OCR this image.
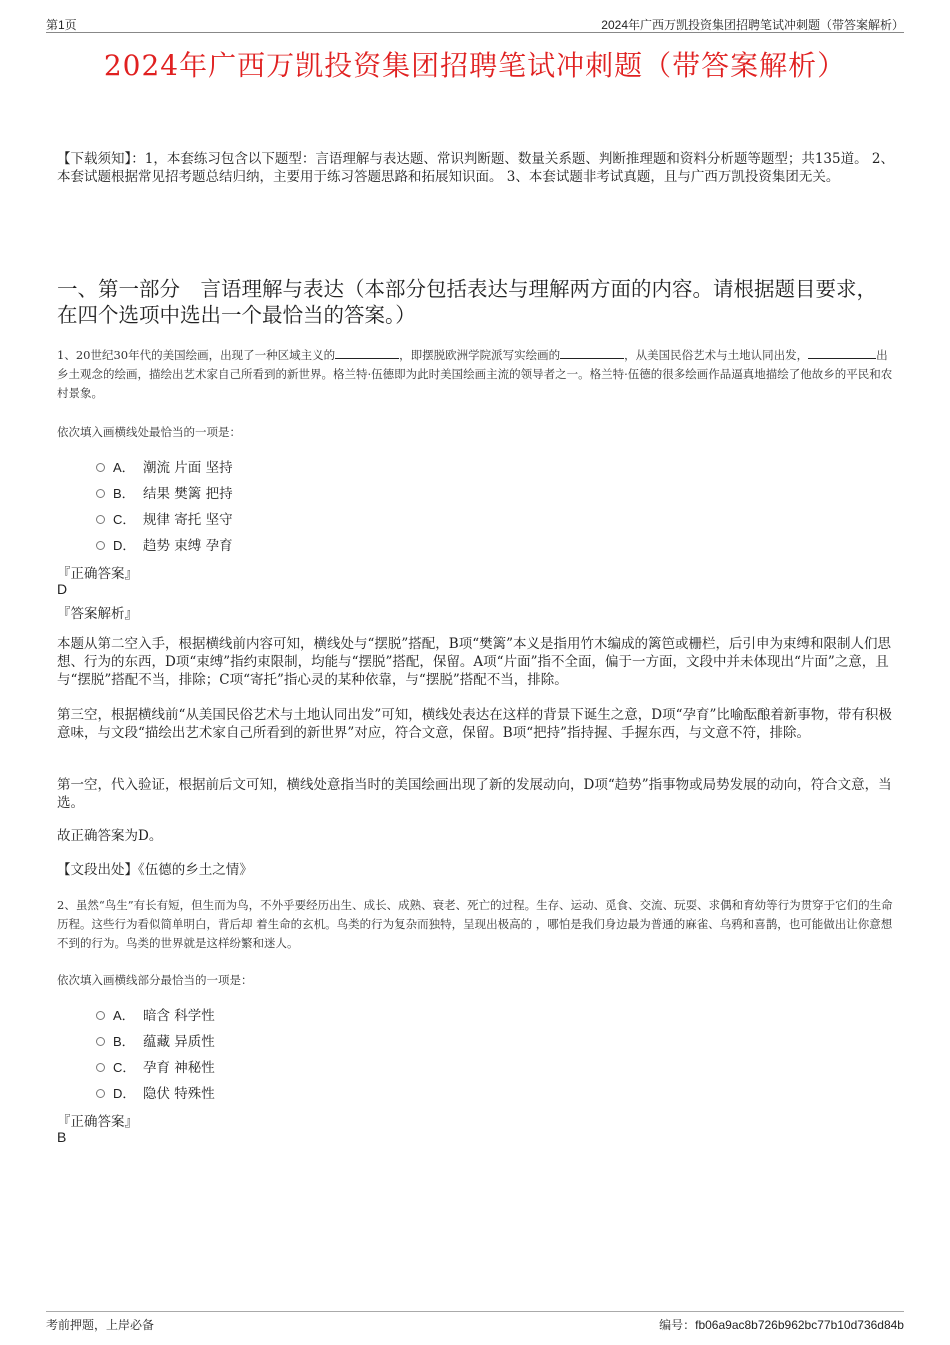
第1页	2024年广西万凯投资集团招聘笔试冲刺题（带答案解析）
2024年广西万凯投资集团招聘笔试冲刺题（带答案解析）
【下载须知】：1，本套练习包含以下题型：言语理解与表达题、常识判断题、数量关系题、判断推理题和资料分析题等题型；共135道。 2、本套试题根据常见招考题总结归纳，主要用于练习答题思路和拓展知识面。 3、本套试题非考试真题，且与广西万凯投资集团无关。
一、第一部分　言语理解与表达（本部分包括表达与理解两方面的内容。请根据题目要求，在四个选项中选出一个最恰当的答案。）
1、20世纪30年代的美国绘画，出现了一种区域主义的	，即摆脱欧洲学院派写实绘画的	，从美国民俗艺术与土地认同出发，	出乡土观念的绘画，描绘出艺术家自己所看到的新世界。格兰特·伍德即为此时美国绘画主流的领导者之一。格兰特·伍德的很多绘画作品逼真地描绘了他故乡的平民和农村景象。
依次填入画横线处最恰当的一项是：
A． 潮流 片面 坚持
B． 结果 樊篱 把持
C． 规律 寄托 坚守
D． 趋势 束缚 孕育
『正确答案』
D
『答案解析』
本题从第二空入手，根据横线前内容可知，横线处与“摆脱”搭配，B项“樊篱”本义是指用竹木编成的篱笆或栅栏，后引申为束缚和限制人们思想、行为的东西，D项“束缚”指约束限制，均能与“摆脱”搭配，保留。A项“片面”指不全面，偏于一方面，文段中并未体现出“片面”之意，且与“摆脱”搭配不当，排除；C项“寄托”指心灵的某种依靠，与“摆脱”搭配不当，排除。
第三空，根据横线前“从美国民俗艺术与土地认同出发”可知，横线处表达在这样的背景下诞生之意，D项“孕育”比喻酝酿着新事物，带有积极意味，与文段“描绘出艺术家自己所看到的新世界”对应，符合文意，保留。B项“把持”指持握、手握东西，与文意不符，排除。
第一空，代入验证，根据前后文可知，横线处意指当时的美国绘画出现了新的发展动向，D项“趋势”指事物或局势发展的动向，符合文意，当选。
故正确答案为D。
【文段出处】《伍德的乡土之情》
2、虽然“鸟生”有长有短，但生而为鸟，不外乎要经历出生、成长、成熟、衰老、死亡的过程。生存、运动、觅食、交流、玩耍、求偶和育幼等行为贯穿于它们的生命历程。这些行为看似简单明白，背后却 着生命的玄机。鸟类的行为复杂而独特，呈现出极高的 ，哪怕是我们身边最为普通的麻雀、乌鸦和喜鹊，也可能做出让你意想不到的行为。鸟类的世界就是这样纷繁和迷人。
依次填入画横线部分最恰当的一项是：
A． 暗含 科学性
B． 蕴藏 异质性
C． 孕育 神秘性
D． 隐伏 特殊性
『正确答案』
B
考前押题，上岸必备	编号：fb06a9ac8b726b962bc77b10d736d84b
